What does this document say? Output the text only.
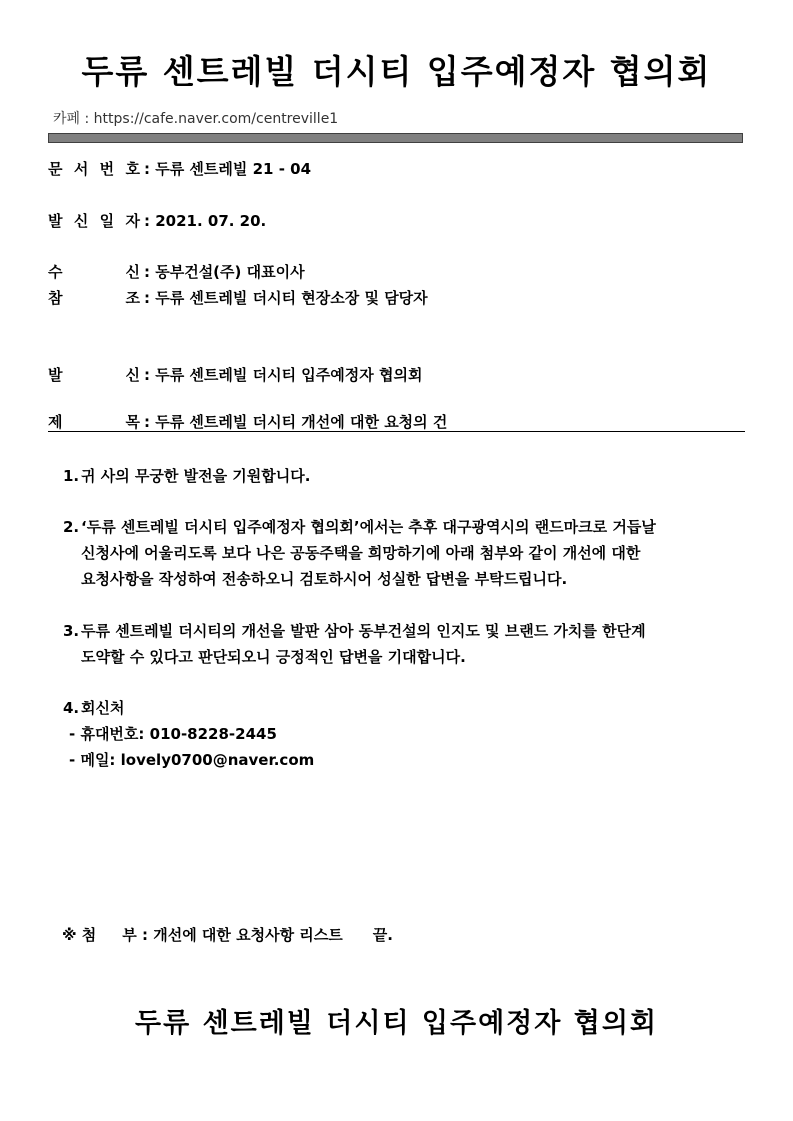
두류 센트레빌 더시티 입주예정자 협의회
카페 : https://cafe.naver.com/centreville1
문 서 번 호 : 두류 센트레빌 21 - 04
발 신 일 자 : 2021. 07. 20.
수	신 : 동부건설(주) 대표이사
참	조 : 두류 센트레빌 더시티 현장소장 및 담당자
발	신 : 두류 센트레빌 더시티 입주예정자 협의회
제	목 : 두류 센트레빌 더시티 개선에 대한 요청의 건
1. 귀 사의 무궁한 발전을 기원합니다.
2. ‘두류 센트레빌 더시티 입주예정자 협의회’에서는 추후 대구광역시의 랜드마크로 거듭날
신청사에 어울리도록 보다 나은 공동주택을 희망하기에 아래 첨부와 같이 개선에 대한
요청사항을 작성하여 전송하오니 검토하시어 성실한 답변을 부탁드립니다.
3. 두류 센트레빌 더시티의 개선을 발판 삼아 동부건설의 인지도 및 브랜드 가치를 한단계
도약할 수 있다고 판단되오니 긍정적인 답변을 기대합니다.
4. 회신처
- 휴대번호: 010-8228-2445
- 메일: lovely0700@naver.com
※ 첨 부 : 개선에 대한 요청사항 리스트 끝.
두류 센트레빌 더시티 입주예정자 협의회
